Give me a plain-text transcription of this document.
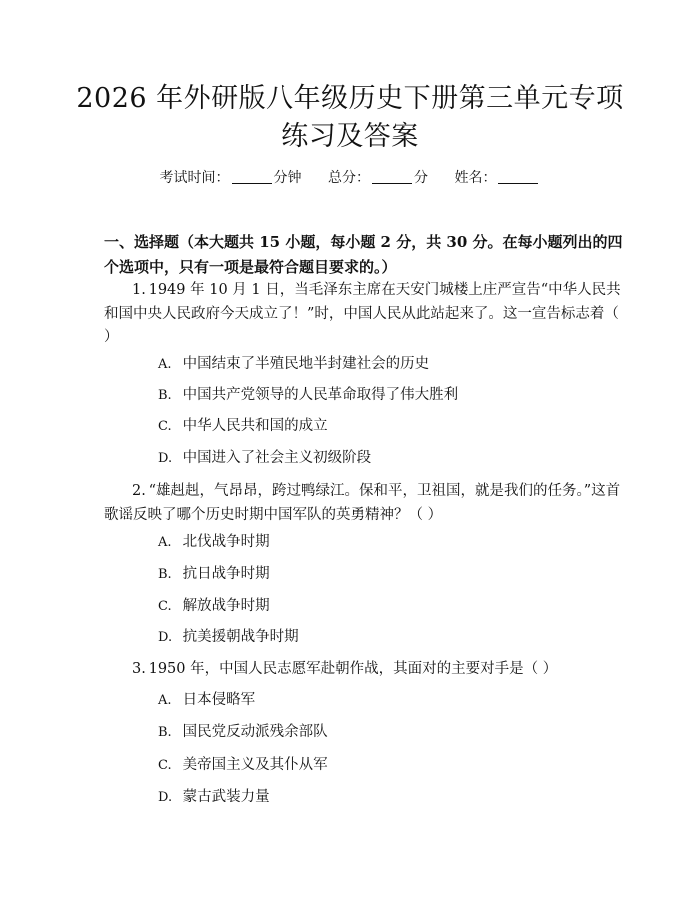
2026 年外研版八年级历史下册第三单元专项
练习及答案
考试时间：	分钟 总分：	分 姓名：
一、选择题（本大题共 15 小题，每小题 2 分，共 30 分。在每小题列出的四个选项中，只有一项是最符合题目要求的。）
1. 1949 年 10 月 1 日，当毛泽东主席在天安门城楼上庄严宣告“中华人民共和国中央人民政府今天成立了！”时，中国人民从此站起来了。这一宣告标志着（ ）
A. 中国结束了半殖民地半封建社会的历史
B. 中国共产党领导的人民革命取得了伟大胜利
C. 中华人民共和国的成立
D. 中国进入了社会主义初级阶段
2. “雄赳赳，气昂昂，跨过鸭绿江。保和平，卫祖国，就是我们的任务。”这首歌谣反映了哪个历史时期中国军队的英勇精神？（ ）
A. 北伐战争时期
B. 抗日战争时期
C. 解放战争时期
D. 抗美援朝战争时期
3. 1950 年，中国人民志愿军赴朝作战，其面对的主要对手是（ ）
A. 日本侵略军
B. 国民党反动派残余部队
C. 美帝国主义及其仆从军
D. 蒙古武装力量
